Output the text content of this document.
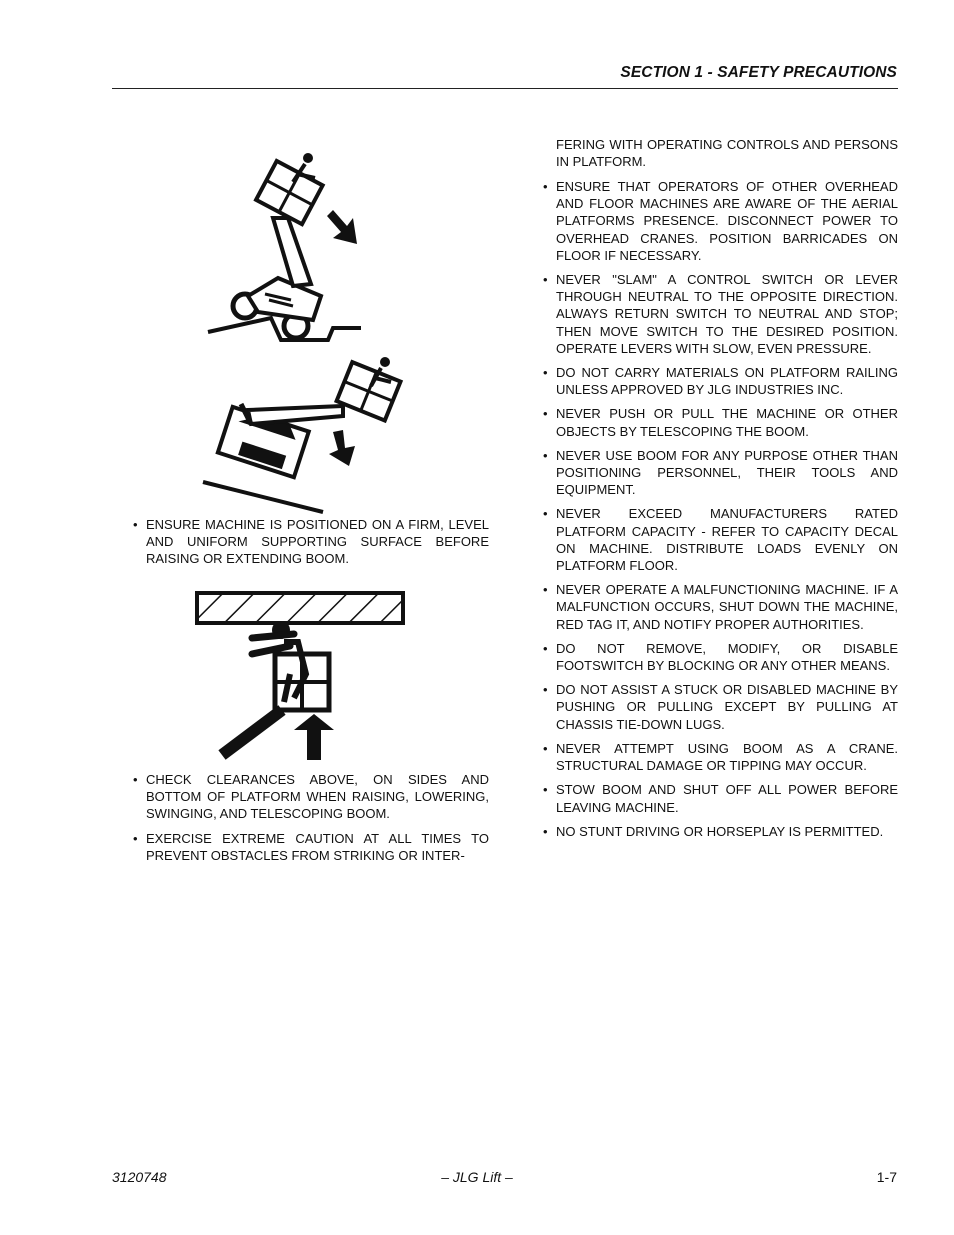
SECTION 1 - SAFETY PRECAUTIONS
• ENSURE MACHINE IS POSITIONED ON A FIRM, LEVEL AND UNIFORM SUPPORTING SURFACE BEFORE RAISING OR EXTENDING BOOM.
• CHECK CLEARANCES ABOVE, ON SIDES AND BOTTOM OF PLATFORM WHEN RAISING, LOWERING, SWINGING, AND TELESCOPING BOOM.
• EXERCISE EXTREME CAUTION AT ALL TIMES TO PREVENT OBSTACLES FROM STRIKING OR INTER-

FERING WITH OPERATING CONTROLS AND PERSONS IN PLATFORM.

• ENSURE THAT OPERATORS OF OTHER OVERHEAD AND FLOOR MACHINES ARE AWARE OF THE AERIAL PLATFORMS PRESENCE. DISCONNECT POWER TO OVERHEAD CRANES. POSITION BARRICADES ON FLOOR IF NECESSARY.
• NEVER "SLAM" A CONTROL SWITCH OR LEVER THROUGH NEUTRAL TO THE OPPOSITE DIRECTION. ALWAYS RETURN SWITCH TO NEUTRAL AND STOP; THEN MOVE SWITCH TO THE DESIRED POSITION. OPERATE LEVERS WITH SLOW, EVEN PRESSURE.
• DO NOT CARRY MATERIALS ON PLATFORM RAILING UNLESS APPROVED BY JLG INDUSTRIES INC.
• NEVER PUSH OR PULL THE MACHINE OR OTHER OBJECTS BY TELESCOPING THE BOOM.
• NEVER USE BOOM FOR ANY PURPOSE OTHER THAN POSITIONING PERSONNEL, THEIR TOOLS AND EQUIPMENT.
• NEVER EXCEED MANUFACTURERS RATED PLATFORM CAPACITY - REFER TO CAPACITY DECAL ON MACHINE. DISTRIBUTE LOADS EVENLY ON PLATFORM FLOOR.
• NEVER OPERATE A MALFUNCTIONING MACHINE. IF A MALFUNCTION OCCURS, SHUT DOWN THE MACHINE, RED TAG IT, AND NOTIFY PROPER AUTHORITIES.
• DO NOT REMOVE, MODIFY, OR DISABLE FOOTSWITCH BY BLOCKING OR ANY OTHER MEANS.
• DO NOT ASSIST A STUCK OR DISABLED MACHINE BY PUSHING OR PULLING EXCEPT BY PULLING AT CHASSIS TIE-DOWN LUGS.
• NEVER ATTEMPT USING BOOM AS A CRANE. STRUCTURAL DAMAGE OR TIPPING MAY OCCUR.
• STOW BOOM AND SHUT OFF ALL POWER BEFORE LEAVING MACHINE.
• NO STUNT DRIVING OR HORSEPLAY IS PERMITTED.
3120748	– JLG Lift –	1-7
